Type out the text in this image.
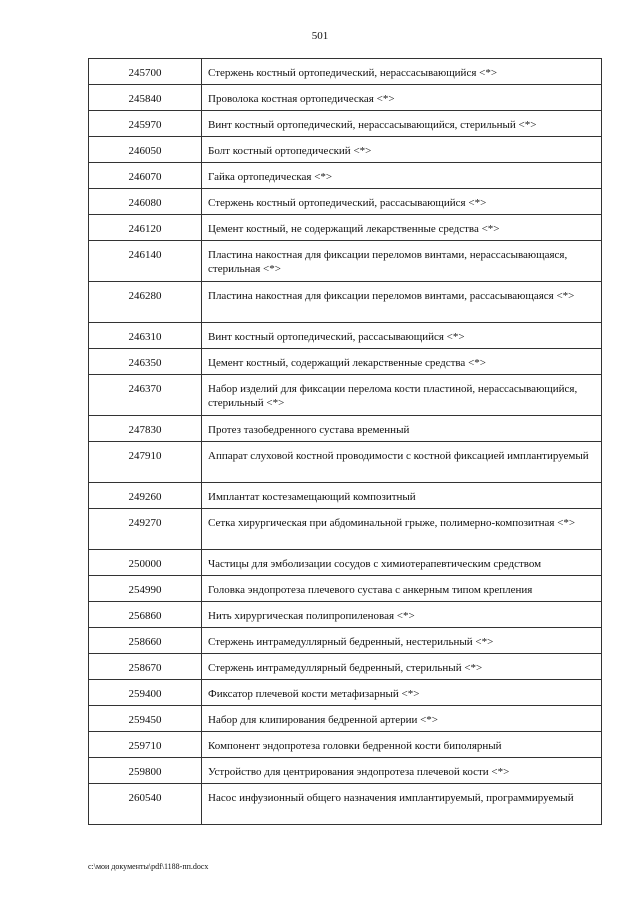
501
245700	Стержень костный ортопедический, нерассасывающийся <*>
245840	Проволока костная ортопедическая <*>
245970	Винт костный ортопедический, нерассасывающийся, стерильный <*>
246050	Болт костный ортопедический <*>
246070	Гайка ортопедическая <*>
246080	Стержень костный ортопедический, рассасывающийся <*>
246120	Цемент костный, не содержащий лекарственные средства <*>
246140	Пластина накостная для фиксации переломов винтами, нерассасывающаяся, стерильная <*>
246280	Пластина накостная для фиксации переломов винтами, рассасывающаяся <*>
246310	Винт костный ортопедический, рассасывающийся <*>
246350	Цемент костный, содержащий лекарственные средства <*>
246370	Набор изделий для фиксации перелома кости пластиной, нерассасывающийся, стерильный <*>
247830	Протез тазобедренного сустава временный
247910	Аппарат слуховой костной проводимости с костной фиксацией имплантируемый
249260	Имплантат костезамещающий композитный
249270	Сетка хирургическая при абдоминальной грыже, полимерно-композитная <*>
250000	Частицы для эмболизации сосудов с химиотерапевтическим средством
254990	Головка эндопротеза плечевого сустава с анкерным типом крепления
256860	Нить хирургическая полипропиленовая <*>
258660	Стержень интрамедуллярный бедренный, нестерильный <*>
258670	Стержень интрамедуллярный бедренный, стерильный <*>
259400	Фиксатор плечевой кости метафизарный <*>
259450	Набор для клипирования бедренной артерии <*>
259710	Компонент эндопротеза головки бедренной кости биполярный
259800	Устройство для центрирования эндопротеза плечевой кости <*>
260540	Насос инфузионный общего назначения имплантируемый, программируемый
c:\мои документы\pdf\1188-пп.docx
